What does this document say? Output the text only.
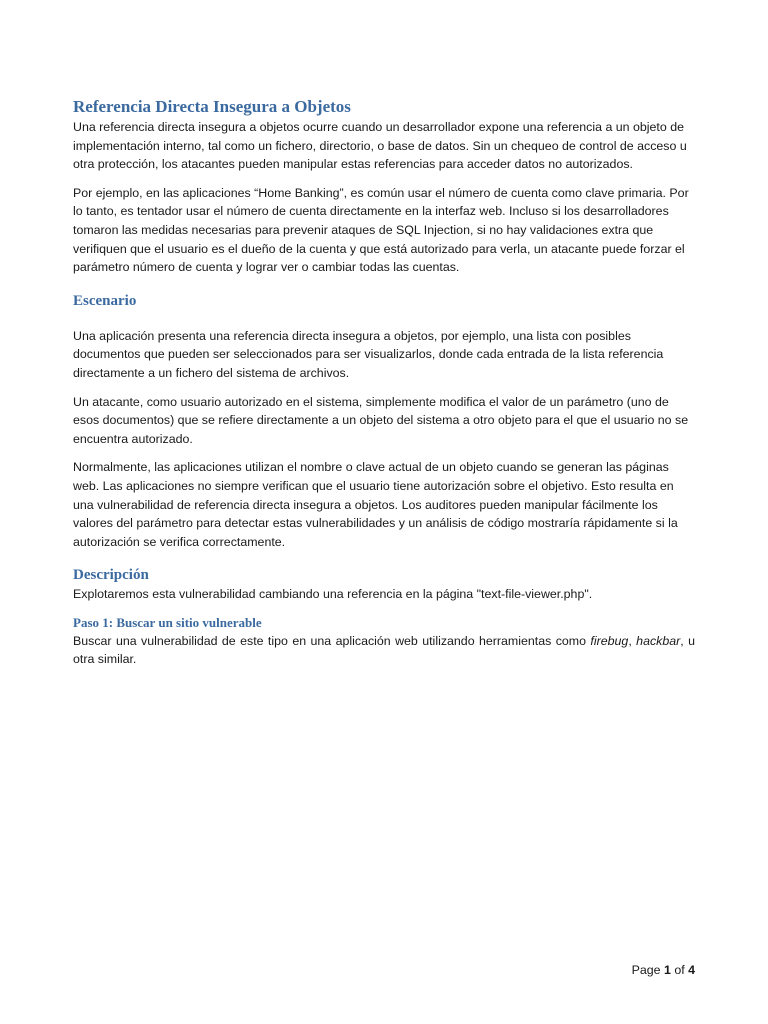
Referencia Directa Insegura a Objetos

Una referencia directa insegura a objetos ocurre cuando un desarrollador expone una referencia a un objeto de implementación interno, tal como un fichero, directorio, o base de datos. Sin un chequeo de control de acceso u otra protección, los atacantes pueden manipular estas referencias para acceder datos no autorizados.

Por ejemplo, en las aplicaciones “Home Banking”, es común usar el número de cuenta como clave primaria. Por lo tanto, es tentador usar el número de cuenta directamente en la interfaz web. Incluso si los desarrolladores tomaron las medidas necesarias para prevenir ataques de SQL Injection, si no hay validaciones extra que verifiquen que el usuario es el dueño de la cuenta y que está autorizado para verla, un atacante puede forzar el parámetro número de cuenta y lograr ver o cambiar todas las cuentas.

Escenario

Una aplicación presenta una referencia directa insegura a objetos, por ejemplo, una lista con posibles documentos que pueden ser seleccionados para ser visualizarlos, donde cada entrada de la lista referencia directamente a un fichero del sistema de archivos.

Un atacante, como usuario autorizado en el sistema, simplemente modifica el valor de un parámetro (uno de esos documentos) que se refiere directamente a un objeto del sistema a otro objeto para el que el usuario no se encuentra autorizado.

Normalmente, las aplicaciones utilizan el nombre o clave actual de un objeto cuando se generan las páginas web. Las aplicaciones no siempre verifican que el usuario tiene autorización sobre el objetivo. Esto resulta en una vulnerabilidad de referencia directa insegura a objetos. Los auditores pueden manipular fácilmente los valores del parámetro para detectar estas vulnerabilidades y un análisis de código mostraría rápidamente si la autorización se verifica correctamente.

Descripción

Explotaremos esta vulnerabilidad cambiando una referencia en la página "text-file-viewer.php".

Paso 1: Buscar un sitio vulnerable

Buscar una vulnerabilidad de este tipo en una aplicación web utilizando herramientas como firebug, hackbar, u otra similar.

Page 1 of 4
